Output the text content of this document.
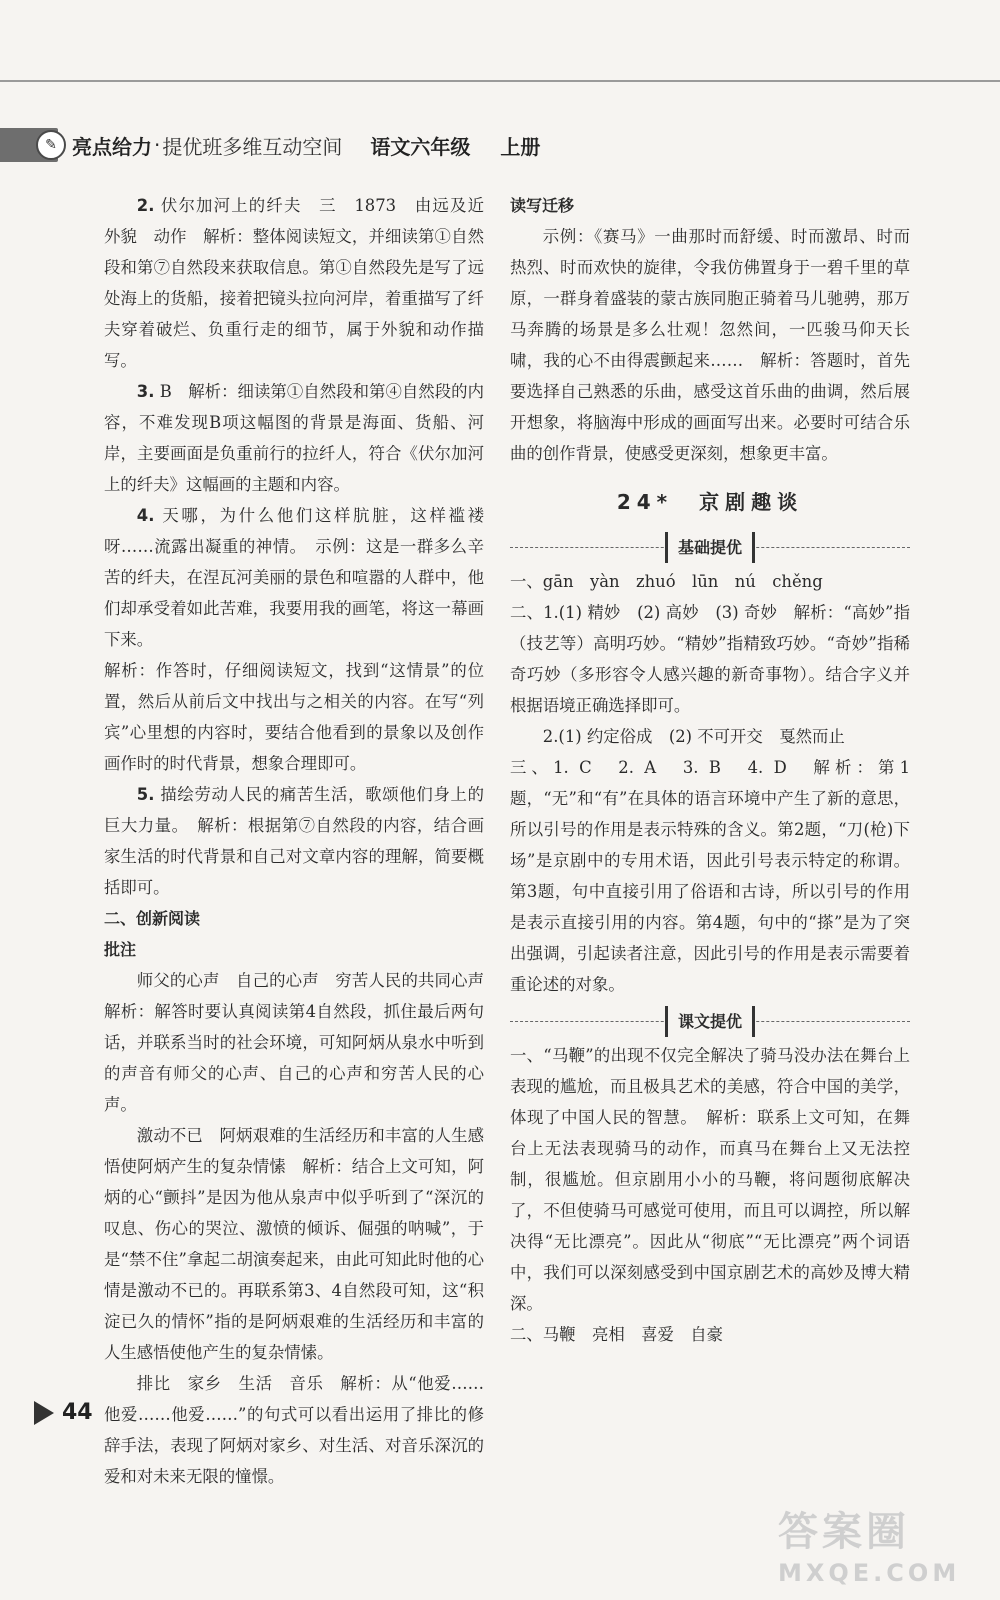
✎ 亮点给力 · 提优班多维互动空间 语文六年级 上册

2. 伏尔加河上的纤夫　三　1873　由远及近　外貌　动作　解析：整体阅读短文，并细读第①自然段和第⑦自然段来获取信息。第①自然段先是写了远处海上的货船，接着把镜头拉向河岸，着重描写了纤夫穿着破烂、负重行走的细节，属于外貌和动作描写。

3. B　解析：细读第①自然段和第④自然段的内容，不难发现B项这幅图的背景是海面、货船、河岸，主要画面是负重前行的拉纤人，符合《伏尔加河上的纤夫》这幅画的主题和内容。

4. 天哪，为什么他们这样肮脏，这样褴褛呀……流露出凝重的神情。　示例：这是一群多么辛苦的纤夫，在涅瓦河美丽的景色和喧嚣的人群中，他们却承受着如此苦难，我要用我的画笔，将这一幕画下来。

解析：作答时，仔细阅读短文，找到“这情景”的位置，然后从前后文中找出与之相关的内容。在写“列宾”心里想的内容时，要结合他看到的景象以及创作画作时的时代背景，想象合理即可。

5. 描绘劳动人民的痛苦生活，歌颂他们身上的巨大力量。　解析：根据第⑦自然段的内容，结合画家生活的时代背景和自己对文章内容的理解，简要概括即可。

二、创新阅读

批注

师父的心声　自己的心声　穷苦人民的共同心声　解析：解答时要认真阅读第4自然段，抓住最后两句话，并联系当时的社会环境，可知阿炳从泉水中听到的声音有师父的心声、自己的心声和穷苦人民的心声。

激动不已　阿炳艰难的生活经历和丰富的人生感悟使阿炳产生的复杂情愫　解析：结合上文可知，阿炳的心“颤抖”是因为他从泉声中似乎听到了“深沉的叹息、伤心的哭泣、激愤的倾诉、倔强的呐喊”，于是“禁不住”拿起二胡演奏起来，由此可知此时他的心情是激动不已的。再联系第3、4自然段可知，这“积淀已久的情怀”指的是阿炳艰难的生活经历和丰富的人生感悟使他产生的复杂情愫。

排比　家乡　生活　音乐　解析：从“他爱……他爱……他爱……”的句式可以看出运用了排比的修辞手法，表现了阿炳对家乡、对生活、对音乐深沉的爱和对未来无限的憧憬。

读写迁移

示例：《赛马》一曲那时而舒缓、时而激昂、时而热烈、时而欢快的旋律，令我仿佛置身于一碧千里的草原，一群身着盛装的蒙古族同胞正骑着马儿驰骋，那万马奔腾的场景是多么壮观！忽然间，一匹骏马仰天长啸，我的心不由得震颤起来……　解析：答题时，首先要选择自己熟悉的乐曲，感受这首乐曲的曲调，然后展开想象，将脑海中形成的画面写出来。必要时可结合乐曲的创作背景，使感受更深刻，想象更丰富。

24*　京剧趣谈
基础提优

一、gān　yàn　zhuó　lūn　nú　chěng

二、1.(1) 精妙　(2) 高妙　(3) 奇妙　解析：“高妙”指（技艺等）高明巧妙。“精妙”指精致巧妙。“奇妙”指稀奇巧妙（多形容令人感兴趣的新奇事物）。结合字义并根据语境正确选择即可。

2.(1) 约定俗成　(2) 不可开交　戛然而止

三、1. C　2. A　3. B　4. D　解析：第1题，“无”和“有”在具体的语言环境中产生了新的意思，所以引号的作用是表示特殊的含义。第2题，“刀(枪)下场”是京剧中的专用术语，因此引号表示特定的称谓。第3题，句中直接引用了俗语和古诗，所以引号的作用是表示直接引用的内容。第4题，句中的“搽”是为了突出强调，引起读者注意，因此引号的作用是表示需要着重论述的对象。

课文提优

一、“马鞭”的出现不仅完全解决了骑马没办法在舞台上表现的尴尬，而且极具艺术的美感，符合中国的美学，体现了中国人民的智慧。　解析：联系上文可知，在舞台上无法表现骑马的动作，而真马在舞台上又无法控制，很尴尬。但京剧用小小的马鞭，将问题彻底解决了，不但使骑马可感觉可使用，而且可以调控，所以解决得“无比漂亮”。因此从“彻底”“无比漂亮”两个词语中，我们可以深刻感受到中国京剧艺术的高妙及博大精深。

二、马鞭　亮相　喜爱　自豪

44
答案圈
MXQE.COM
